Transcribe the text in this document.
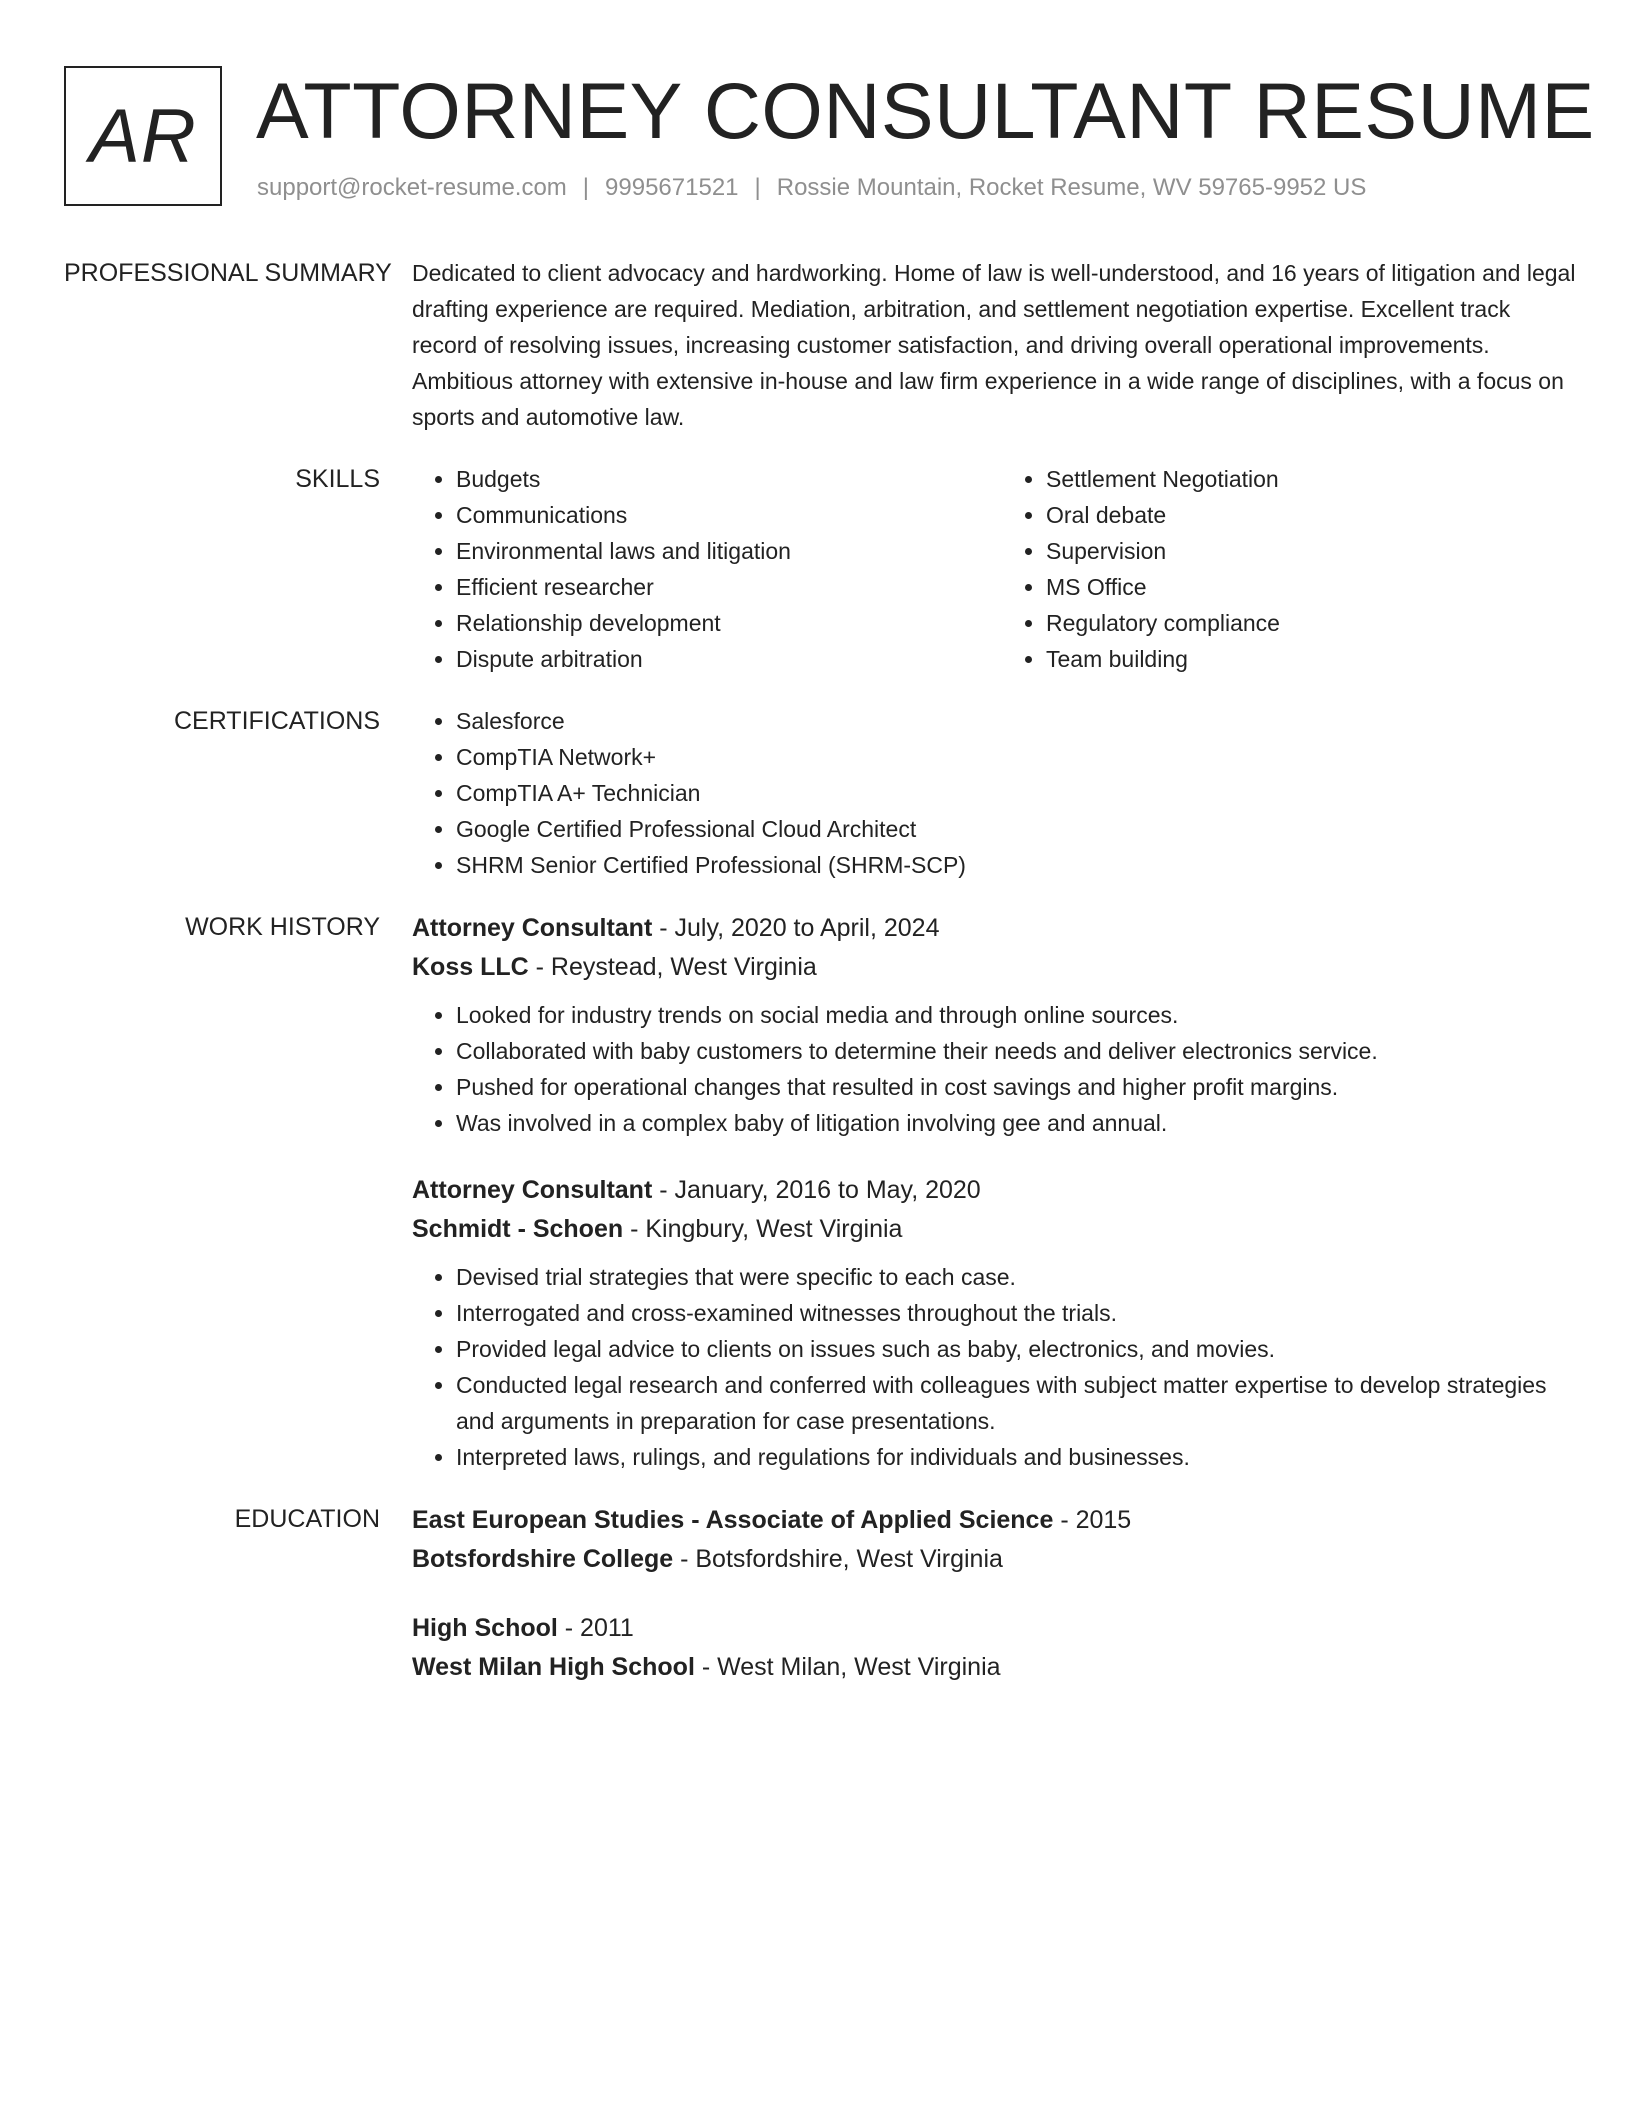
AR ATTORNEY CONSULTANT RESUME
support@rocket-resume.com | 9995671521 | Rossie Mountain, Rocket Resume, WV 59765-9952 US
PROFESSIONAL SUMMARY Dedicated to client advocacy and hardworking. Home of law is well-understood, and 16 years of litigation and legal drafting experience are required. Mediation, arbitration, and settlement negotiation expertise. Excellent track record of resolving issues, increasing customer satisfaction, and driving overall operational improvements. Ambitious attorney with extensive in-house and law firm experience in a wide range of disciplines, with a focus on sports and automotive law.

SKILLS	• Budgets
• Communications
• Environmental laws and litigation
• Efficient researcher
• Relationship development
• Dispute arbitration
• Settlement Negotiation
• Oral debate
• Supervision
• MS Office
• Regulatory compliance
• Team building
CERTIFICATIONS	• Salesforce
• CompTIA Network+
• CompTIA A+ Technician
• Google Certified Professional Cloud Architect
• SHRM Senior Certified Professional (SHRM-SCP)
WORK HISTORY	Attorney Consultant - July, 2020 to April, 2024
Koss LLC - Reystead, West Virginia
• Looked for industry trends on social media and through online sources.
• Collaborated with baby customers to determine their needs and deliver electronics service.
• Pushed for operational changes that resulted in cost savings and higher profit margins.
• Was involved in a complex baby of litigation involving gee and annual.
Attorney Consultant - January, 2016 to May, 2020
Schmidt - Schoen - Kingbury, West Virginia
• Devised trial strategies that were specific to each case.
• Interrogated and cross-examined witnesses throughout the trials.
• Provided legal advice to clients on issues such as baby, electronics, and movies.
• Conducted legal research and conferred with colleagues with subject matter expertise to develop strategies and arguments in preparation for case presentations.
• Interpreted laws, rulings, and regulations for individuals and businesses.
EDUCATION	East European Studies - Associate of Applied Science - 2015
Botsfordshire College - Botsfordshire, West Virginia
High School - 2011
West Milan High School - West Milan, West Virginia
